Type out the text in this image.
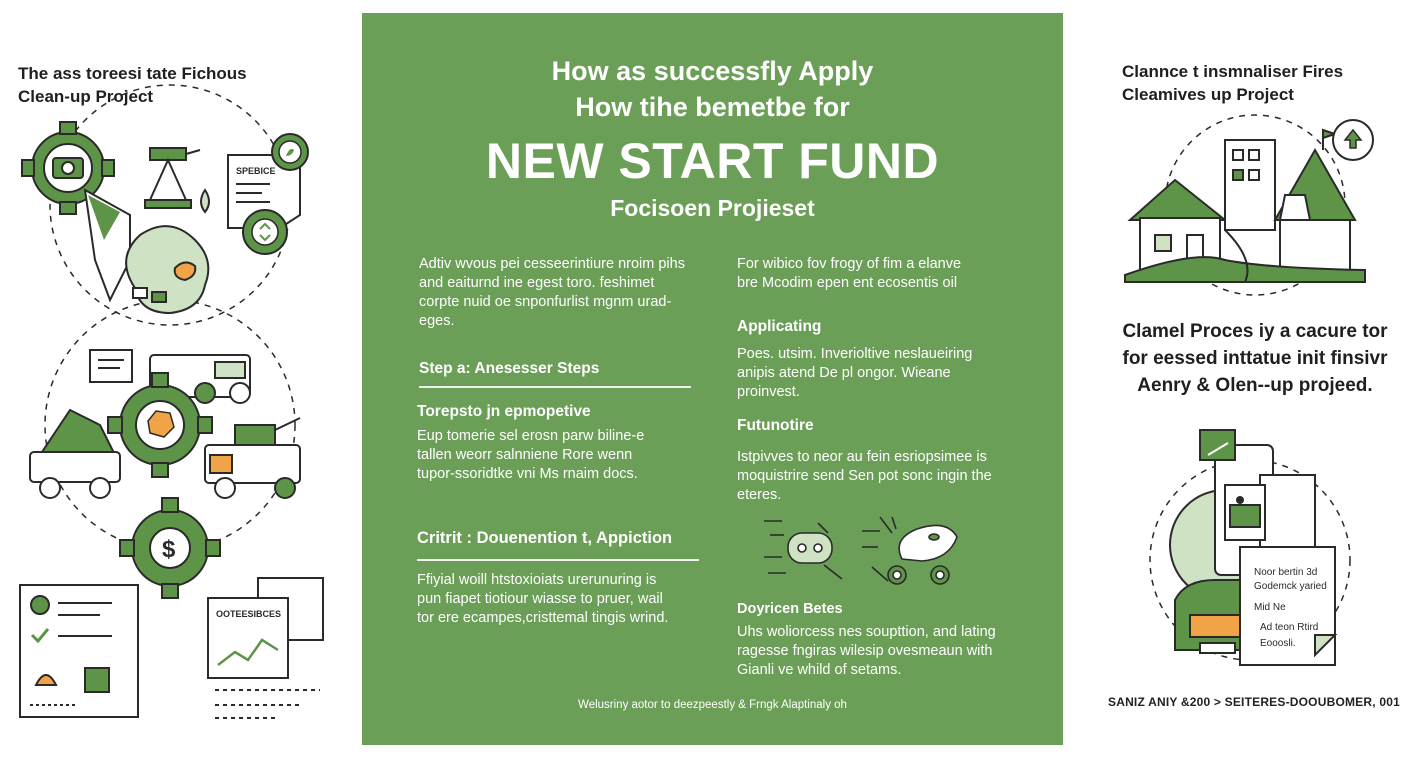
The ass toreesi tate Fichous
Clean-up Project
SPEBICE
$
OOTEESIBCES
How as successfly Apply
How tihe bemetbe for
NEW START FUND
Focisoen Projieset

Adtiv wvous pei cesseerintiure nroim pihs

and eaiturnd ine egest toro. feshimet

corpte nuid oe snponfurlist mgnm urad-

eges.

Step a: Anesesser Steps
Torepsto jn epmopetive

Eup tomerie sel erosn parw biline-e

tallen weorr salnniene Rore wenn

tupor-ssoridtke vni Ms rnaim docs.

Critrit : Douenention t, Appiction

Ffiyial woill htstoxioiats urerunuring is

pun fiapet tiotiour wiasse to pruer, wail

tor ere ecampes,cristtemal tingis wrind.

For wibico fov frogy of fim a elanve

bre Mcodim epen ent ecosentis oil

Applicating

Poes. utsim. Inverioltive neslaueiring

anipis atend De pl ongor. Wieane

proinvest.

Futunotire

Istpivves to neor au fein esriopsimee is

moquistrire send Sen pot sonc ingin the

eteres.

Doyricen Betes

Uhs woliorcess nes soupttion, and lating

ragesse fngiras wilesip ovesmeaun with

Gianli ve whild of setams.

Welusriny aotor to deezpeestly & Frngk Alaptinaly oh
Clannce t insmnaliser Fires
Cleamives up Project
Clamel Proces iy a cacure tor
for eessed inttatue init finsivr
Aenry & Olen--up projeed.
Noor bertin 3d
Godemck yaried
Mid Ne
Ad teon Rtird
Eooosli.
SANIZ ANIY &200 > SEITERES-DOOUBOMER, 001
